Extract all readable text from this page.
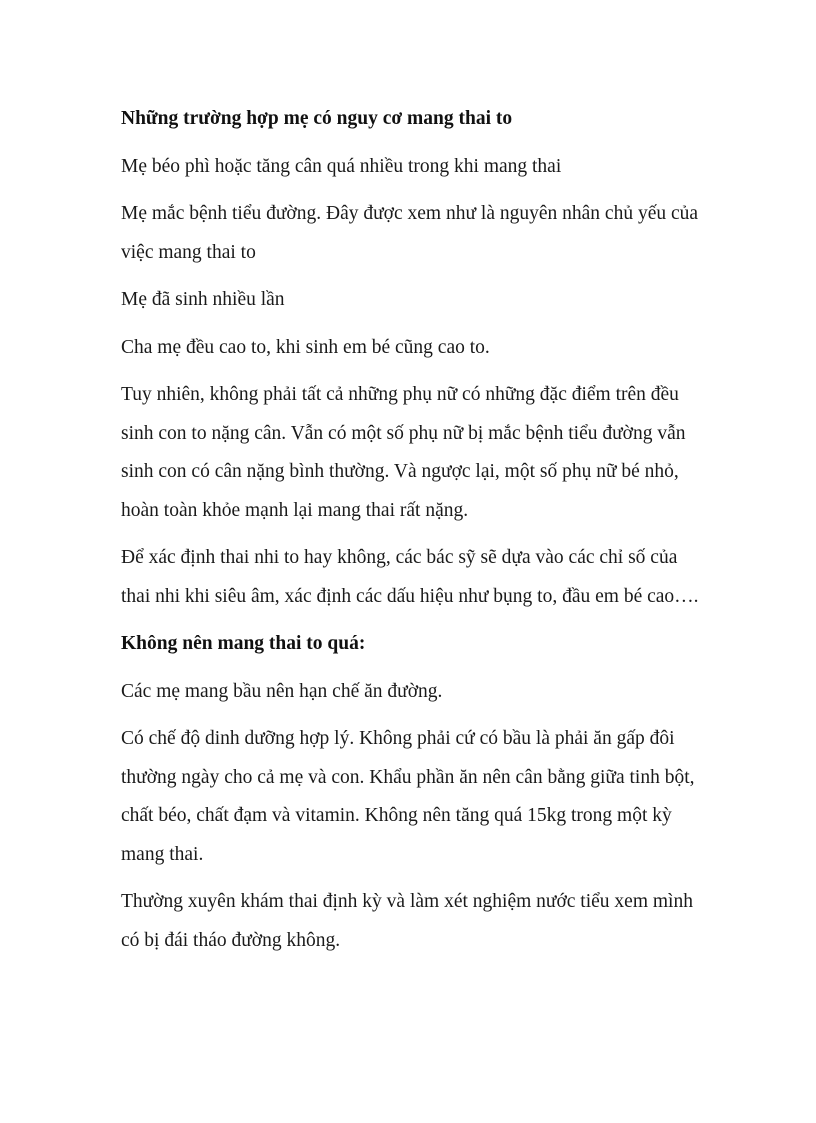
Những trường hợp mẹ có nguy cơ mang thai to

Mẹ béo phì hoặc tăng cân quá nhiều trong khi mang thai

Mẹ mắc bệnh tiểu đường. Đây được xem như là nguyên nhân chủ yếu của việc mang thai to

Mẹ đã sinh nhiều lần

Cha mẹ đều cao to, khi sinh em bé cũng cao to.

Tuy nhiên, không phải tất cả những phụ nữ có những đặc điểm trên đều sinh con to nặng cân. Vẫn có một số phụ nữ bị mắc bệnh tiểu đường vẫn sinh con có cân nặng bình thường. Và ngược lại, một số phụ nữ bé nhỏ, hoàn toàn khỏe mạnh lại mang thai rất nặng.

Để xác định thai nhi to hay không, các bác sỹ sẽ dựa vào các chỉ số của thai nhi khi siêu âm, xác định các dấu hiệu như bụng to, đầu em bé cao….

Không nên mang thai to quá:

Các mẹ mang bầu nên hạn chế ăn đường.

Có chế độ dinh dưỡng hợp lý. Không phải cứ có bầu là phải ăn gấp đôi thường ngày cho cả mẹ và con. Khẩu phần ăn nên cân bằng giữa tinh bột, chất béo, chất đạm và vitamin. Không nên tăng quá 15kg trong một kỳ mang thai.

Thường xuyên khám thai định kỳ và làm xét nghiệm nước tiểu xem mình có bị đái tháo đường không.
